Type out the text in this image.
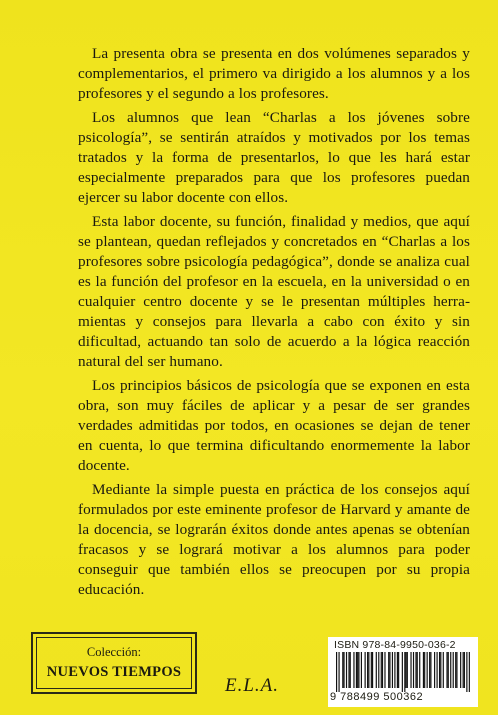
La presenta obra se presenta en dos volúmenes separados y complementarios, el primero va dirigido a los alumnos y a los profesores y el segundo a los profesores.

Los alumnos que lean “Charlas a los jóvenes sobre psicología”, se sentirán atraídos y motivados por los temas tratados y la forma de presentarlos, lo que les hará estar especialmente preparados para que los profesores puedan ejercer su labor docente con ellos.

Esta labor docente, su función, finalidad y medios, que aquí se plantean, quedan reflejados y concretados en “Charlas a los profesores sobre psicología pedagógica”, donde se analiza cual es la función del profesor en la escuela, en la universidad o en cualquier centro docente y se le presentan múltiples herramientas y consejos para llevarla a cabo con éxito y sin dificultad, actuando tan solo de acuerdo a la lógica reacción natural del ser humano.

Los principios básicos de psicología que se exponen en esta obra, son muy fáciles de aplicar y a pesar de ser grandes verdades admitidas por todos, en ocasiones se dejan de tener en cuenta, lo que termina dificultando enormemente la labor docente.

Mediante la simple puesta en práctica de los consejos aquí formulados por este eminente profesor de Harvard y amante de la docencia, se lograrán éxitos donde antes apenas se obtenían fracasos y se logrará motivar a los alumnos para poder conseguir que también ellos se preocupen por su propia educación.

Colección:
NUEVOS TIEMPOS
E.L.A.
ISBN 978-84-9950-036-2
9 788499 500362
